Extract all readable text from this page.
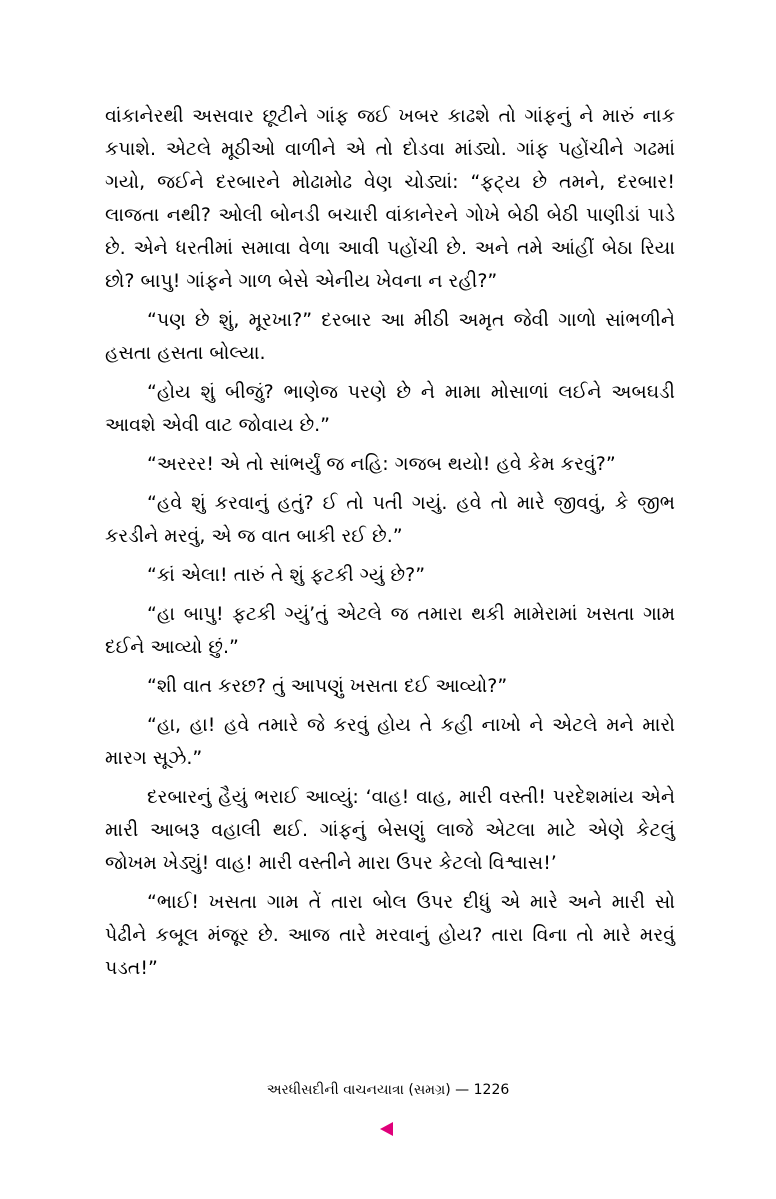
વાંકાનેરથી અસવાર છૂટીને ગાંફ જઈ ખબર કાઢશે તો ગાંફનું ને મારું નાક કપાશે. એટલે મૂઠીઓ વાળીને એ તો દોડવા માંડ્યો. ગાંફ પહોંચીને ગઢમાં ગયો, જઈને દરબારને મોઢામોઢ વેણ ચોડ્યાં: “ફટ્ય છે તમને, દરબાર! લાજતા નથી? ઓલી બોનડી બચારી વાંકાનેરને ગોખે બેઠી બેઠી પાણીડાં પાડે છે. એને ધરતીમાં સમાવા વેળા આવી પહોંચી છે. અને તમે આંહીં બેઠા રિયા છો? બાપુ! ગાંફને ગાળ બેસે એનીય ખેવના ન રહી?”

“પણ છે શું, મૂરખા?” દરબાર આ મીઠી અમૃત જેવી ગાળો સાંભળીને હસતા હસતા બોલ્યા.

“હોય શું બીજું? ભાણેજ પરણે છે ને મામા મોસાળાં લઈને અબઘડી આવશે એવી વાટ જોવાય છે.”

“અરરર! એ તો સાંભર્યું જ નહિ: ગજબ થયો! હવે કેમ કરવું?”

“હવે શું કરવાનું હતું? ઈ તો પતી ગયું. હવે તો મારે જીવવું, કે જીભ કરડીને મરવું, એ જ વાત બાકી રઈ છે.”

“કાં એલા! તારું તે શું ફટકી ગ્યું છે?”

“હા બાપુ! ફટકી ગ્યું’તું એટલે જ તમારા થકી મામેરામાં ખસતા ગામ દઈને આવ્યો છું.”

“શી વાત કરછ? તું આપણું ખસતા દઈ આવ્યો?”

“હા, હા! હવે તમારે જે કરવું હોય તે કહી નાખો ને એટલે મને મારો મારગ સૂઝે.”

દરબારનું હૈયું ભરાઈ આવ્યું: ‘વાહ! વાહ, મારી વસ્તી! પરદેશમાંય એને મારી આબરૂ વહાલી થઈ. ગાંફનું બેસણું લાજે એટલા માટે એણે કેટલું જોખમ ખેડ્યું! વાહ! મારી વસ્તીને મારા ઉપર કેટલો વિશ્વાસ!’

“ભાઈ! ખસતા ગામ તેં તારા બોલ ઉપર દીધું એ મારે અને મારી સો પેઢીને કબૂલ મંજૂર છે. આજ તારે મરવાનું હોય? તારા વિના તો મારે મરવું પડત!”

અરધીસદીની વાચનયાત્રા (સમગ્ર) — 1226
